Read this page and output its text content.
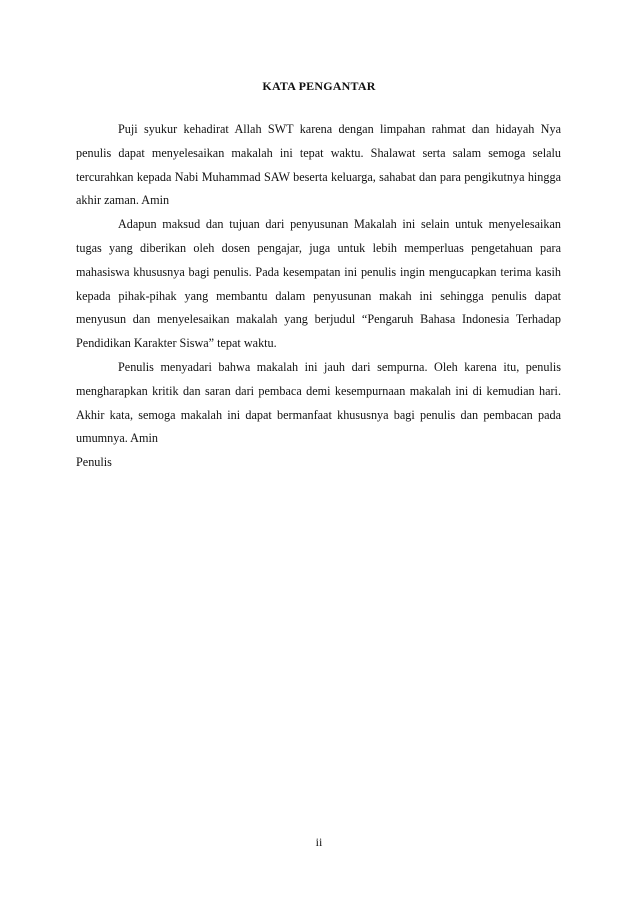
KATA PENGANTAR

Puji syukur kehadirat Allah SWT karena dengan limpahan rahmat dan hidayah Nya penulis dapat menyelesaikan makalah ini tepat waktu. Shalawat serta salam semoga selalu tercurahkan kepada Nabi Muhammad SAW beserta keluarga, sahabat dan para pengikutnya hingga akhir zaman. Amin

Adapun maksud dan tujuan dari penyusunan Makalah ini selain untuk menyelesaikan tugas yang diberikan oleh dosen pengajar, juga untuk lebih memperluas pengetahuan para mahasiswa khususnya bagi penulis. Pada kesempatan ini penulis ingin mengucapkan terima kasih kepada pihak-pihak yang membantu dalam penyusunan makah ini sehingga penulis dapat menyusun dan menyelesaikan makalah yang berjudul “Pengaruh Bahasa Indonesia Terhadap Pendidikan Karakter Siswa” tepat waktu.

Penulis menyadari bahwa makalah ini jauh dari sempurna. Oleh karena itu, penulis mengharapkan kritik dan saran dari pembaca demi kesempurnaan makalah ini di kemudian hari. Akhir kata, semoga makalah ini dapat bermanfaat khususnya bagi penulis dan pembacan pada umumnya. Amin

Penulis
ii
